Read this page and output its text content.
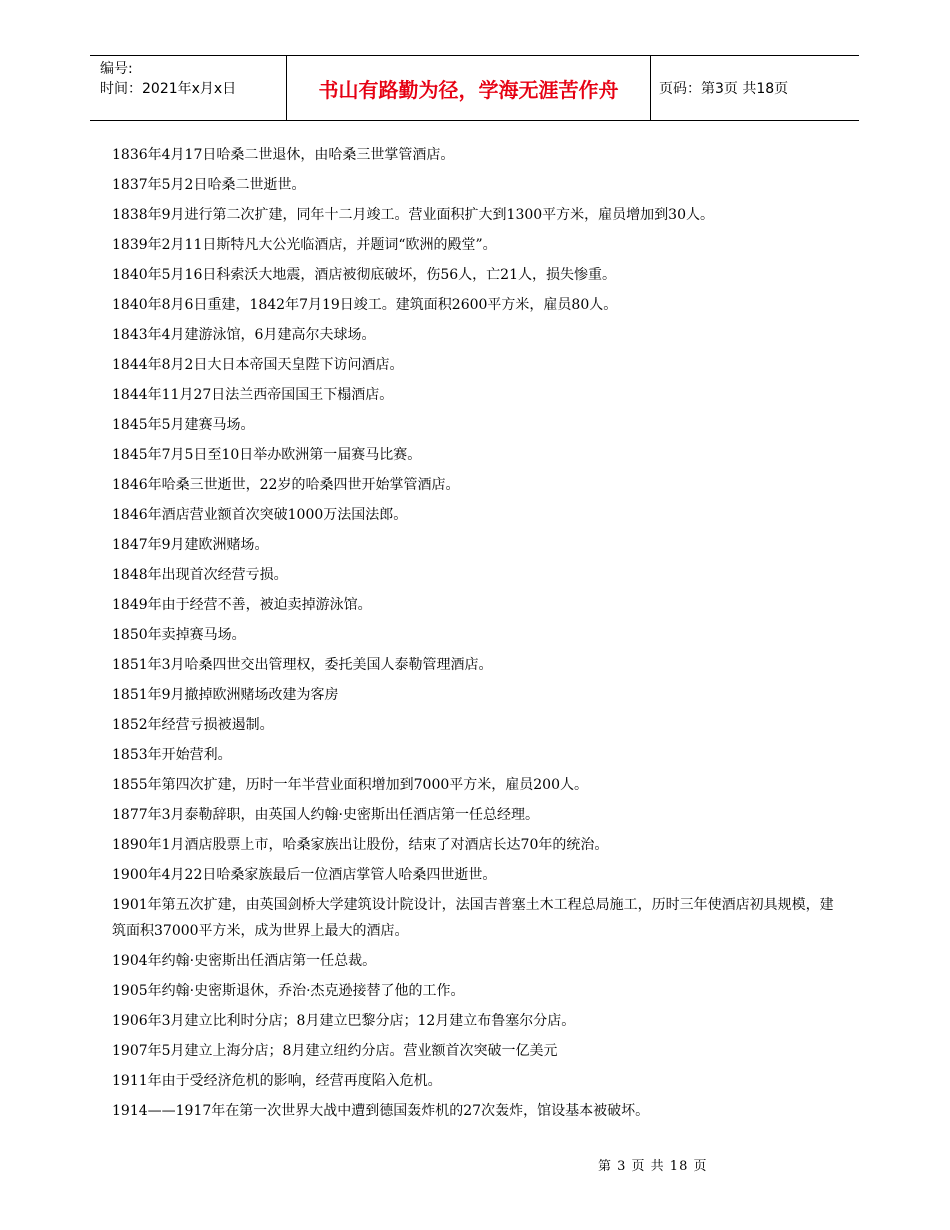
编号:
时间：2021年x月x日	书山有路勤为径，学海无涯苦作舟	页码：第3页 共18页

1836年4月17日哈桑二世退休，由哈桑三世掌管酒店。

1837年5月2日哈桑二世逝世。

1838年9月进行第二次扩建，同年十二月竣工。营业面积扩大到1300平方米，雇员增加到30人。

1839年2月11日斯特凡大公光临酒店，并题词“欧洲的殿堂”。

1840年5月16日科索沃大地震，酒店被彻底破坏，伤56人，亡21人，损失惨重。

1840年8月6日重建，1842年7月19日竣工。建筑面积2600平方米，雇员80人。

1843年4月建游泳馆，6月建高尔夫球场。

1844年8月2日大日本帝国天皇陛下访问酒店。

1844年11月27日法兰西帝国国王下榻酒店。

1845年5月建赛马场。

1845年7月5日至10日举办欧洲第一届赛马比赛。

1846年哈桑三世逝世，22岁的哈桑四世开始掌管酒店。

1846年酒店营业额首次突破1000万法国法郎。

1847年9月建欧洲赌场。

1848年出现首次经营亏损。

1849年由于经营不善，被迫卖掉游泳馆。

1850年卖掉赛马场。

1851年3月哈桑四世交出管理权，委托美国人泰勒管理酒店。

1851年9月撤掉欧洲赌场改建为客房

1852年经营亏损被遏制。

1853年开始营利。

1855年第四次扩建，历时一年半营业面积增加到7000平方米，雇员200人。

1877年3月泰勒辞职，由英国人约翰·史密斯出任酒店第一任总经理。

1890年1月酒店股票上市，哈桑家族出让股份，结束了对酒店长达70年的统治。

1900年4月22日哈桑家族最后一位酒店掌管人哈桑四世逝世。

1901年第五次扩建，由英国剑桥大学建筑设计院设计，法国吉普塞土木工程总局施工，历时三年使酒店初具规模，建筑面积37000平方米，成为世界上最大的酒店。

1904年约翰·史密斯出任酒店第一任总裁。

1905年约翰·史密斯退休，乔治·杰克逊接替了他的工作。

1906年3月建立比利时分店；8月建立巴黎分店；12月建立布鲁塞尔分店。

1907年5月建立上海分店；8月建立纽约分店。营业额首次突破一亿美元

1911年由于受经济危机的影响，经营再度陷入危机。

1914——1917年在第一次世界大战中遭到德国轰炸机的27次轰炸，馆设基本被破坏。

第 3 页 共 18 页
